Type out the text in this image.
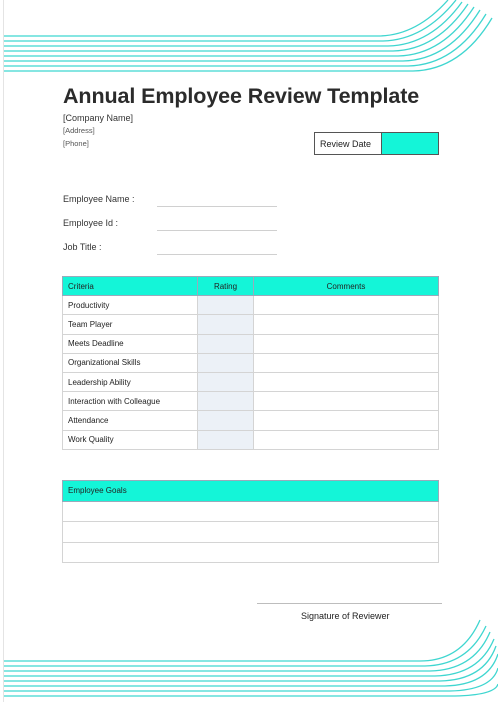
Annual Employee Review Template
[Company Name]
[Address]
[Phone]	Review Date
Employee Name :
Employee Id :
Job Title :
Criteria	Rating	Comments
Productivity		
Team Player		
Meets Deadline		
Organizational Skills		
Leadership Ability		
Interaction with Colleague		
Attendance		
Work Quality		
Employee Goals

Signature of Reviewer
